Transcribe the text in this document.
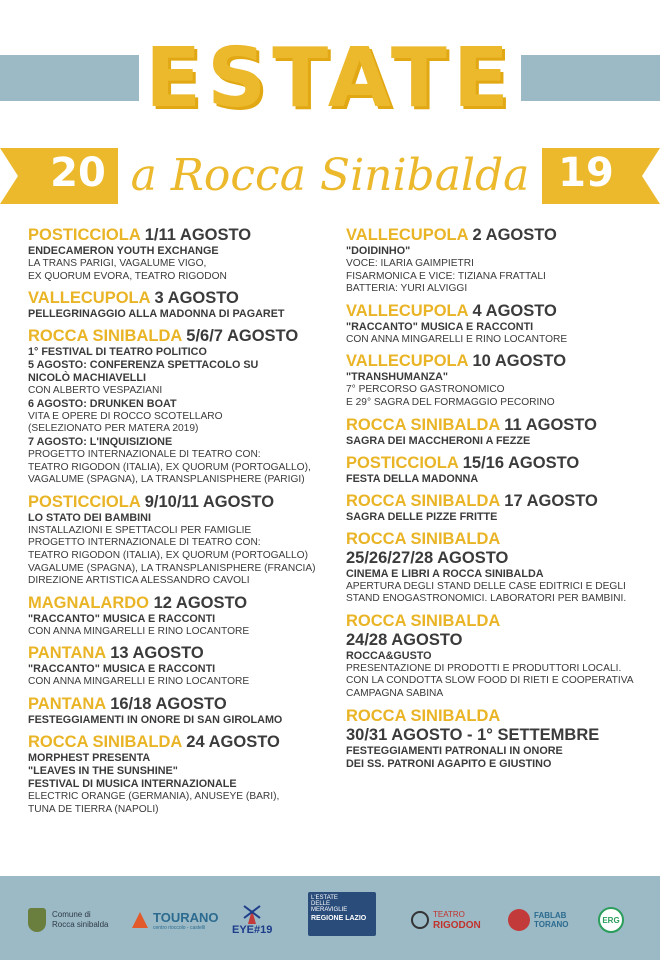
ESTATE
20	19
a Rocca Sinibalda
POSTICCIOLA 1/11 AGOSTO
ENDECAMERON YOUTH EXCHANGE
LA TRANS PARIGI, VAGALUME VIGO,
EX QUORUM EVORA, TEATRO RIGODON
VALLECUPOLA 3 AGOSTO
PELLEGRINAGGIO ALLA MADONNA DI PAGARET
ROCCA SINIBALDA 5/6/7 AGOSTO
1° FESTIVAL DI TEATRO POLITICO
5 AGOSTO: CONFERENZA SPETTACOLO SU
NICOLÒ MACHIAVELLI
CON ALBERTO VESPAZIANI
6 AGOSTO: DRUNKEN BOAT
VITA E OPERE DI ROCCO SCOTELLARO
(SELEZIONATO PER MATERA 2019)
7 AGOSTO: L'INQUISIZIONE
PROGETTO INTERNAZIONALE DI TEATRO CON:
TEATRO RIGODON (ITALIA), EX QUORUM (PORTOGALLO),
VAGALUME (SPAGNA), LA TRANSPLANISPHERE (PARIGI)
POSTICCIOLA 9/10/11 AGOSTO
LO STATO DEI BAMBINI
INSTALLAZIONI E SPETTACOLI PER FAMIGLIE
PROGETTO INTERNAZIONALE DI TEATRO CON:
TEATRO RIGODON (ITALIA), EX QUORUM (PORTOGALLO)
VAGALUME (SPAGNA), LA TRANSPLANISPHERE (FRANCIA)
DIREZIONE ARTISTICA ALESSANDRO CAVOLI
MAGNALARDO 12 AGOSTO
"RACCANTO" MUSICA E RACCONTI
CON ANNA MINGARELLI E RINO LOCANTORE
PANTANA 13 AGOSTO
"RACCANTO" MUSICA E RACCONTI
CON ANNA MINGARELLI E RINO LOCANTORE
PANTANA 16/18 AGOSTO
FESTEGGIAMENTI IN ONORE DI SAN GIROLAMO
ROCCA SINIBALDA 24 AGOSTO
MORPHEST PRESENTA
"LEAVES IN THE SUNSHINE"
FESTIVAL DI MUSICA INTERNAZIONALE
ELECTRIC ORANGE (GERMANIA), ANUSEYE (BARI),
TUNA DE TIERRA (NAPOLI)
VALLECUPOLA 2 AGOSTO
"DOIDINHO"
VOCE: ILARIA GAIMPIETRI
FISARMONICA E VICE: TIZIANA FRATTALI
BATTERIA: YURI ALVIGGI
VALLECUPOLA 4 AGOSTO
"RACCANTO" MUSICA E RACCONTI
CON ANNA MINGARELLI E RINO LOCANTORE
VALLECUPOLA 10 AGOSTO
"TRANSHUMANZA"
7° PERCORSO GASTRONOMICO
E 29° SAGRA DEL FORMAGGIO PECORINO
ROCCA SINIBALDA 11 AGOSTO
SAGRA DEI MACCHERONI A FEZZE
POSTICCIOLA 15/16 AGOSTO
FESTA DELLA MADONNA
ROCCA SINIBALDA 17 AGOSTO
SAGRA DELLE PIZZE FRITTE
ROCCA SINIBALDA
25/26/27/28 AGOSTO
CINEMA E LIBRI A ROCCA SINIBALDA
APERTURA DEGLI STAND DELLE CASE EDITRICI E DEGLI
STAND ENOGASTRONOMICI. LABORATORI PER BAMBINI.
ROCCA SINIBALDA
24/28 AGOSTO
ROCCA&GUSTO
PRESENTAZIONE DI PRODOTTI E PRODUTTORI LOCALI.
CON LA CONDOTTA SLOW FOOD DI RIETI E COOPERATIVA
CAMPAGNA SABINA
ROCCA SINIBALDA
30/31 AGOSTO - 1° SETTEMBRE
FESTEGGIAMENTI PATRONALI IN ONORE
DEI SS. PATRONI AGAPITO E GIUSTINO
Comune di
Rocca sinibalda	TOURANO
centro rioccolo - castelli	EYE#19
L'ESTATE
DELLE
MERAVIGLIE
REGIONE LAZIO	TEATRO
RIGODON
FABLAB
TORANO	ERG
